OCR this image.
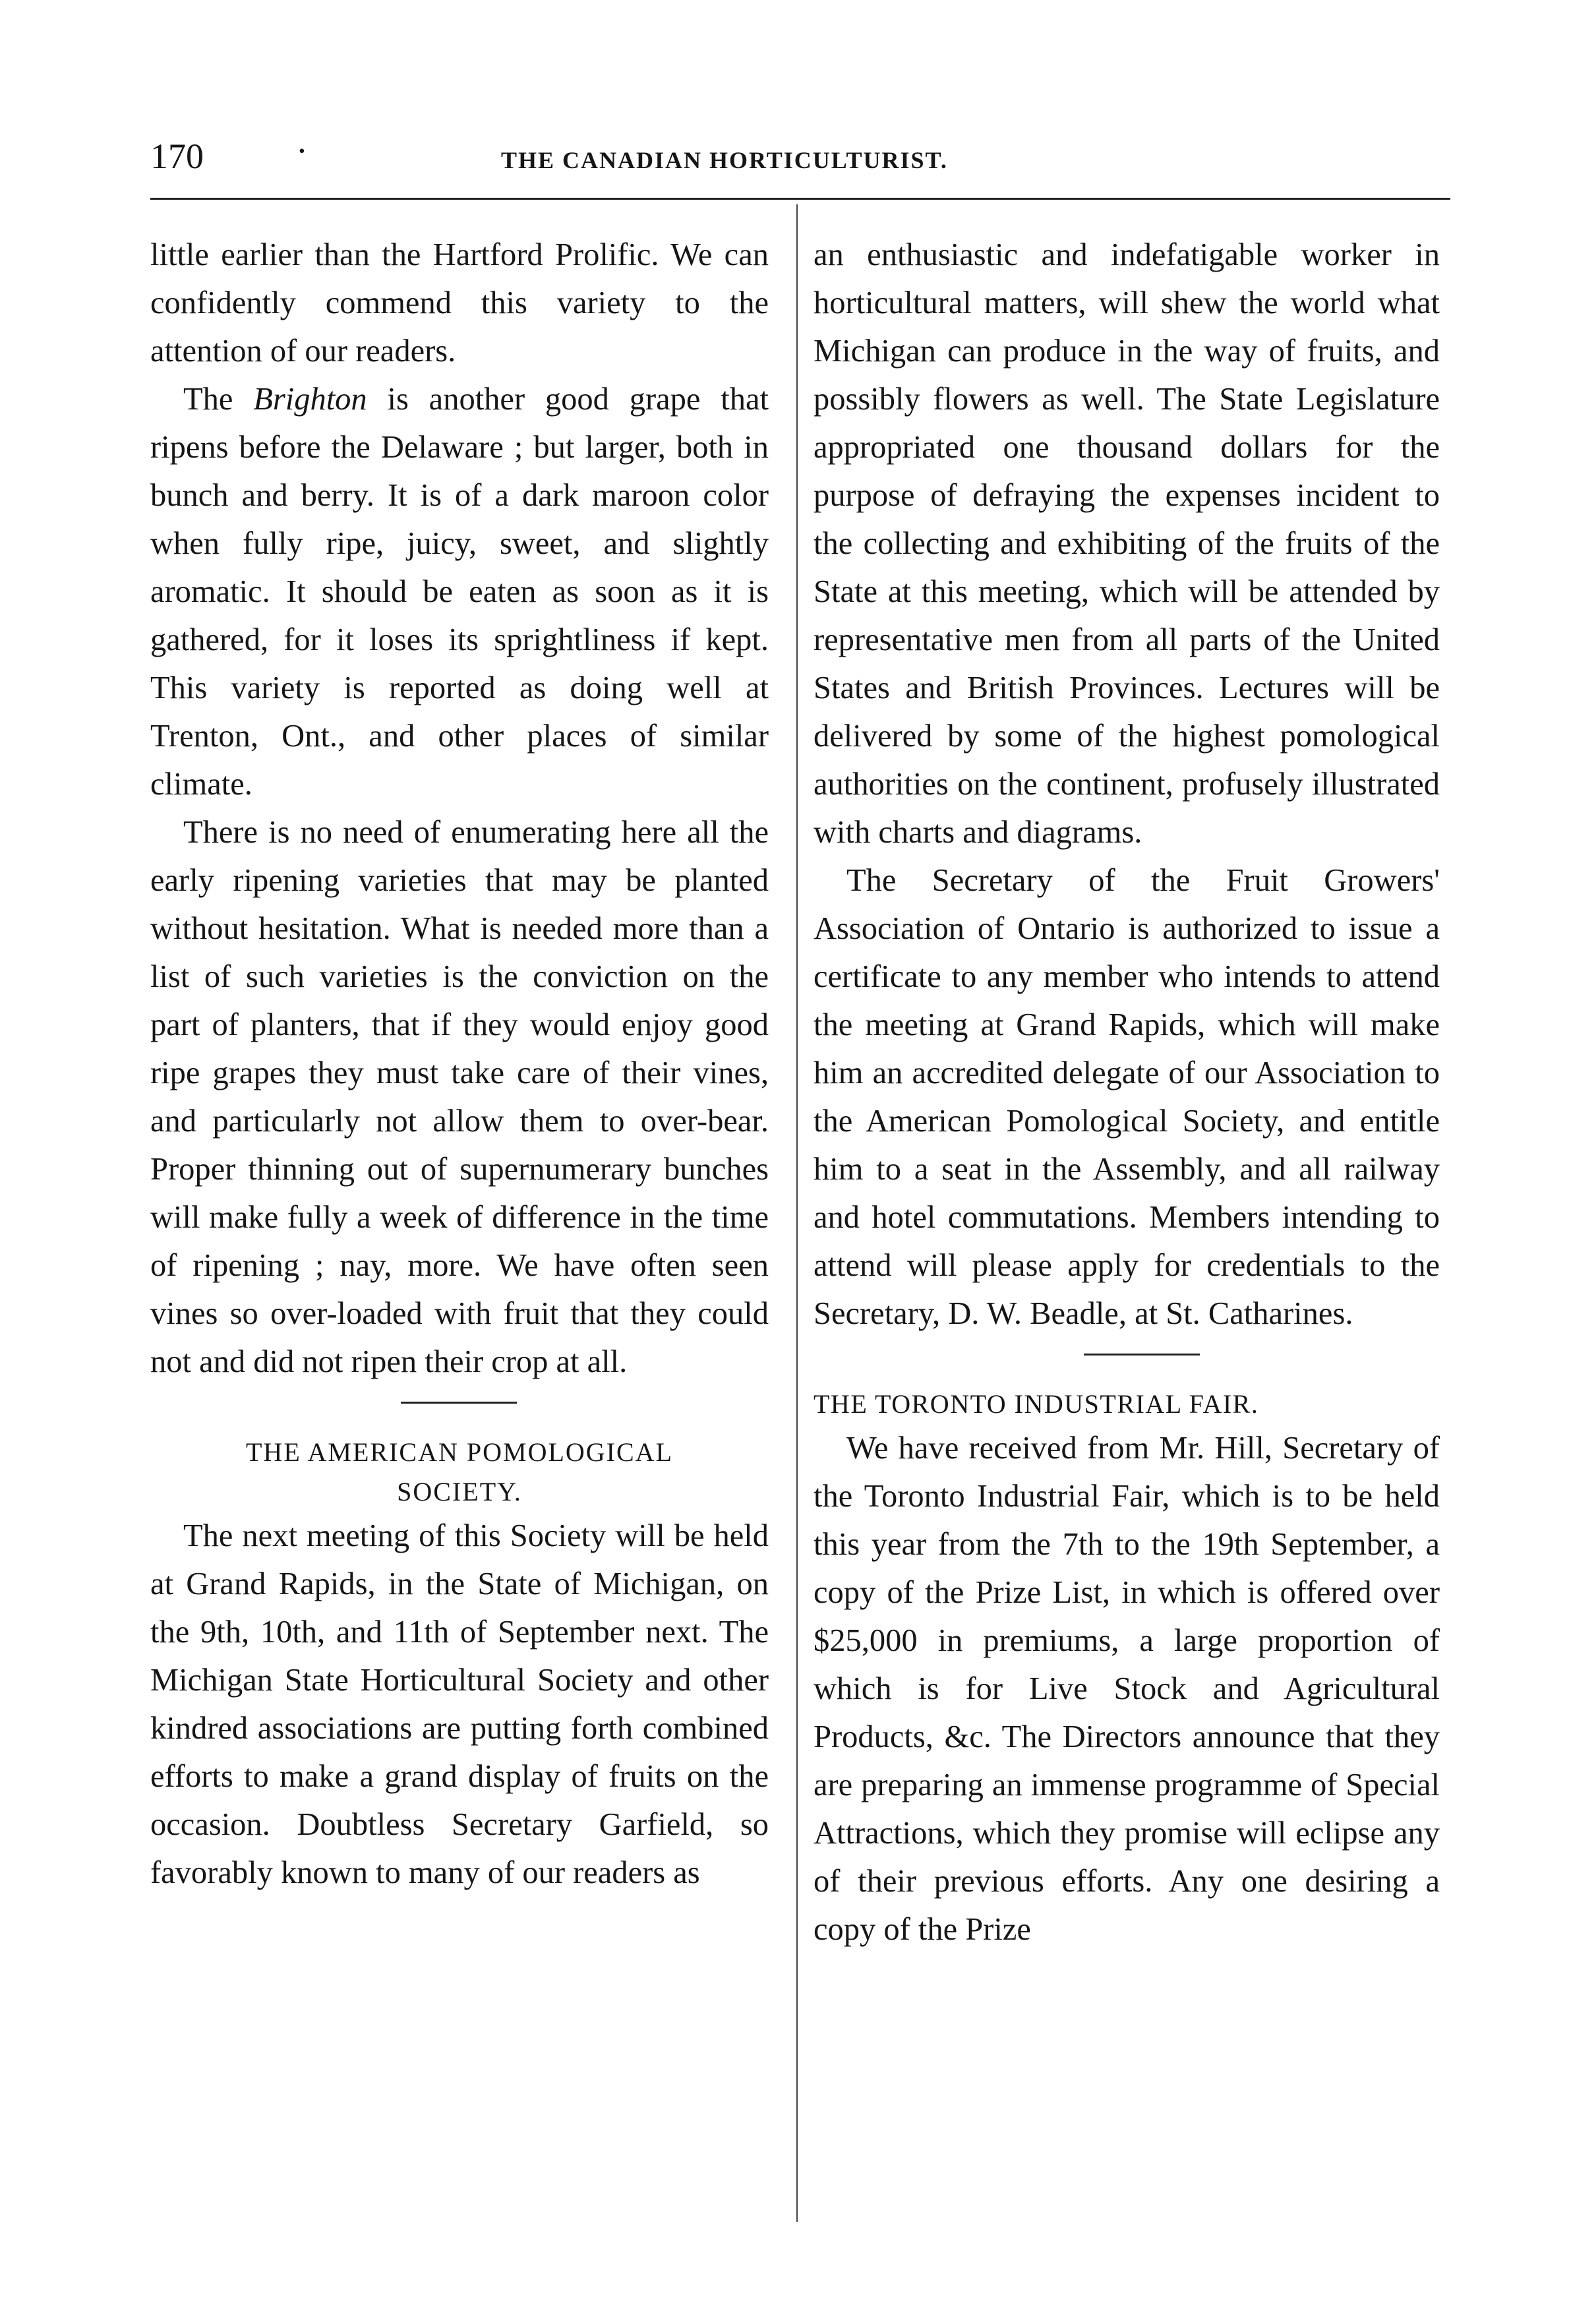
170	·	THE CANADIAN HORTICULTURIST.

little earlier than the Hartford Prolific. We can confidently commend this variety to the attention of our readers.

The Brighton is another good grape that ripens before the Delaware ; but larger, both in bunch and berry. It is of a dark maroon color when fully ripe, juicy, sweet, and slightly aromatic. It should be eaten as soon as it is gathered, for it loses its sprightliness if kept. This variety is reported as doing well at Trenton, Ont., and other places of similar climate.

There is no need of enumerating here all the early ripening varieties that may be planted without hesitation. What is needed more than a list of such varieties is the conviction on the part of planters, that if they would enjoy good ripe grapes they must take care of their vines, and particularly not allow them to over-bear. Proper thinning out of supernumerary bunches will make fully a week of difference in the time of ripening ; nay, more. We have often seen vines so over-loaded with fruit that they could not and did not ripen their crop at all.

THE AMERICAN POMOLOGICAL
SOCIETY.

The next meeting of this Society will be held at Grand Rapids, in the State of Michigan, on the 9th, 10th, and 11th of September next. The Michigan State Horticultural Society and other kindred associations are putting forth combined efforts to make a grand display of fruits on the occasion. Doubtless Secretary Garfield, so favorably known to many of our readers as

an enthusiastic and indefatigable worker in horticultural matters, will shew the world what Michigan can produce in the way of fruits, and possibly flowers as well. The State Legislature appropriated one thousand dollars for the purpose of defraying the expenses incident to the collecting and exhibiting of the fruits of the State at this meeting, which will be attended by representative men from all parts of the United States and British Provinces. Lectures will be delivered by some of the highest pomological authorities on the continent, profusely illustrated with charts and diagrams.

The Secretary of the Fruit Growers' Association of Ontario is authorized to issue a certificate to any member who intends to attend the meeting at Grand Rapids, which will make him an accredited delegate of our Association to the American Pomological Society, and entitle him to a seat in the Assembly, and all railway and hotel commutations. Members intending to attend will please apply for credentials to the Secretary, D. W. Beadle, at St. Catharines.

THE TORONTO INDUSTRIAL FAIR.

We have received from Mr. Hill, Secretary of the Toronto Industrial Fair, which is to be held this year from the 7th to the 19th September, a copy of the Prize List, in which is offered over $25,000 in premiums, a large proportion of which is for Live Stock and Agricultural Products, &c. The Directors announce that they are preparing an immense programme of Special Attractions, which they promise will eclipse any of their previous efforts. Any one desiring a copy of the Prize
